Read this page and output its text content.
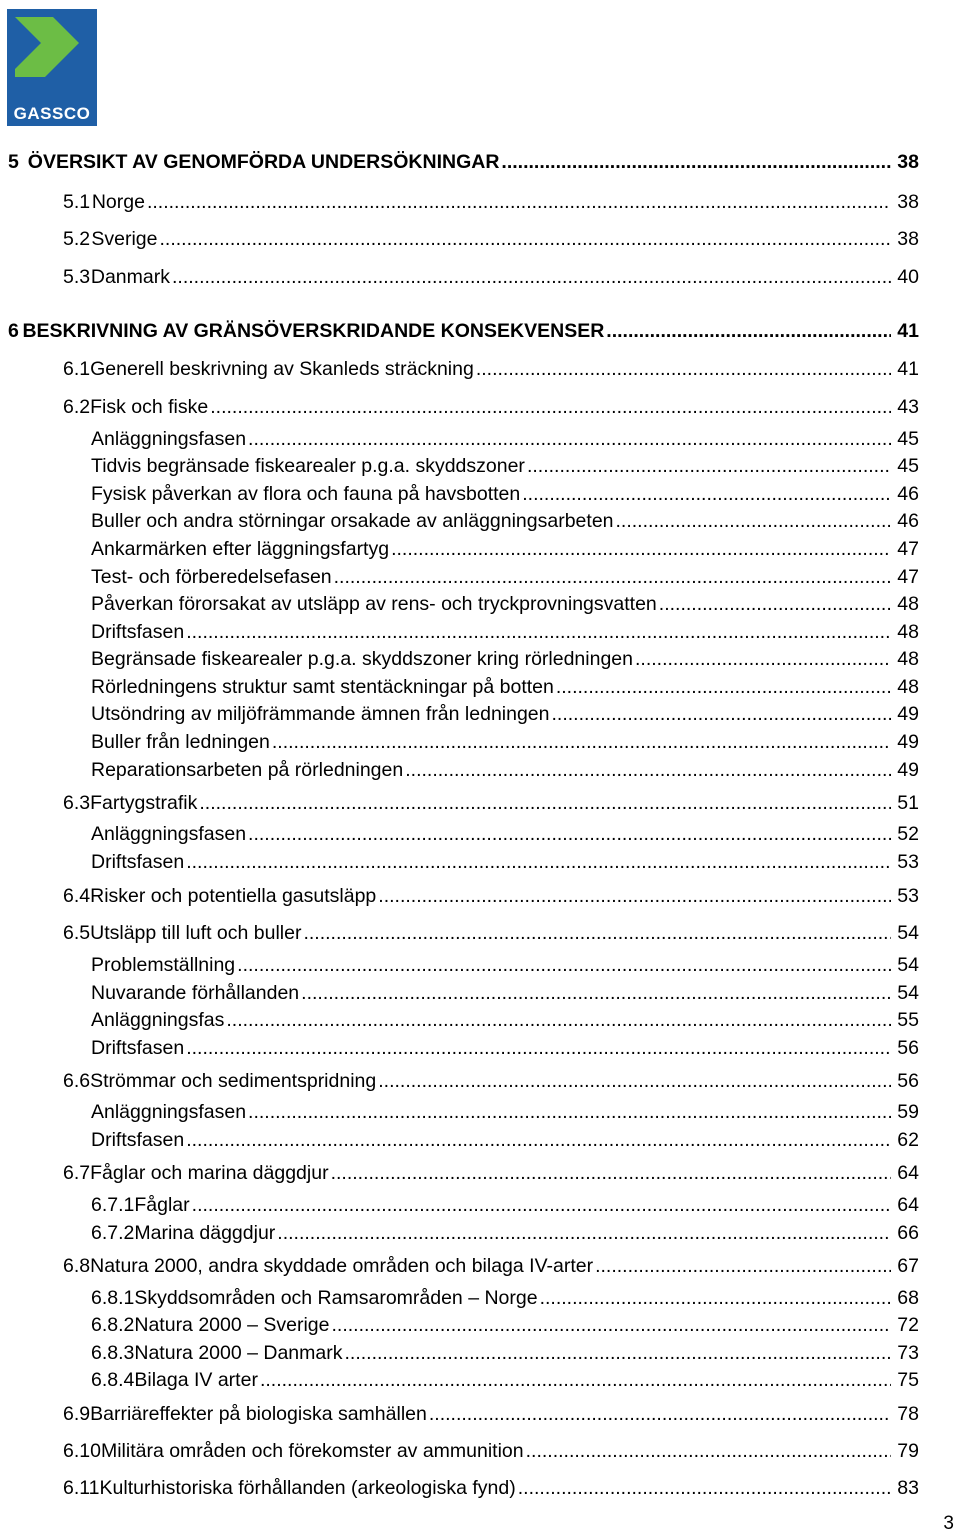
GASSCO
5 ÖVERSIKT AV GENOMFÖRDA UNDERSÖKNINGAR .....	38
5.1 Norge .....	38
5.2 Sverige .....	38
5.3 Danmark .....	40
6 BESKRIVNING AV GRÄNSÖVERSKRIDANDE KONSEKVENSER .....	41
6.1 Generell beskrivning av Skanleds sträckning .....	41
6.2 Fisk och fiske .....	43
Anläggningsfasen .....	45
Tidvis begränsade fiskearealer p.g.a. skyddszoner .....	45
Fysisk påverkan av flora och fauna på havsbotten .....	46
Buller och andra störningar orsakade av anläggningsarbeten .....	46
Ankarmärken efter läggningsfartyg .....	47
Test- och förberedelsefasen .....	47
Påverkan förorsakat av utsläpp av rens- och tryckprovningsvatten .....	48
Driftsfasen .....	48
Begränsade fiskearealer p.g.a. skyddszoner kring rörledningen .....	48
Rörledningens struktur samt stentäckningar på botten .....	48
Utsöndring av miljöfrämmande ämnen från ledningen .....	49
Buller från ledningen .....	49
Reparationsarbeten på rörledningen .....	49
6.3 Fartygstrafik .....	51
Anläggningsfasen .....	52
Driftsfasen .....	53
6.4 Risker och potentiella gasutsläpp .....	53
6.5 Utsläpp till luft och buller .....	54
Problemställning .....	54
Nuvarande förhållanden .....	54
Anläggningsfas .....	55
Driftsfasen .....	56
6.6 Strömmar och sedimentspridning .....	56
Anläggningsfasen .....	59
Driftsfasen .....	62
6.7 Fåglar och marina däggdjur .....	64
6.7.1 Fåglar .....	64
6.7.2 Marina däggdjur .....	66
6.8 Natura 2000, andra skyddade områden och bilaga IV-arter .....	67
6.8.1 Skyddsområden och Ramsarområden – Norge .....	68
6.8.2 Natura 2000 – Sverige .....	72
6.8.3 Natura 2000 – Danmark .....	73
6.8.4 Bilaga IV arter .....	75
6.9 Barriäreffekter på biologiska samhällen .....	78
6.10 Militära områden och förekomster av ammunition .....	79
6.11 Kulturhistoriska förhållanden (arkeologiska fynd) .....	83
3
